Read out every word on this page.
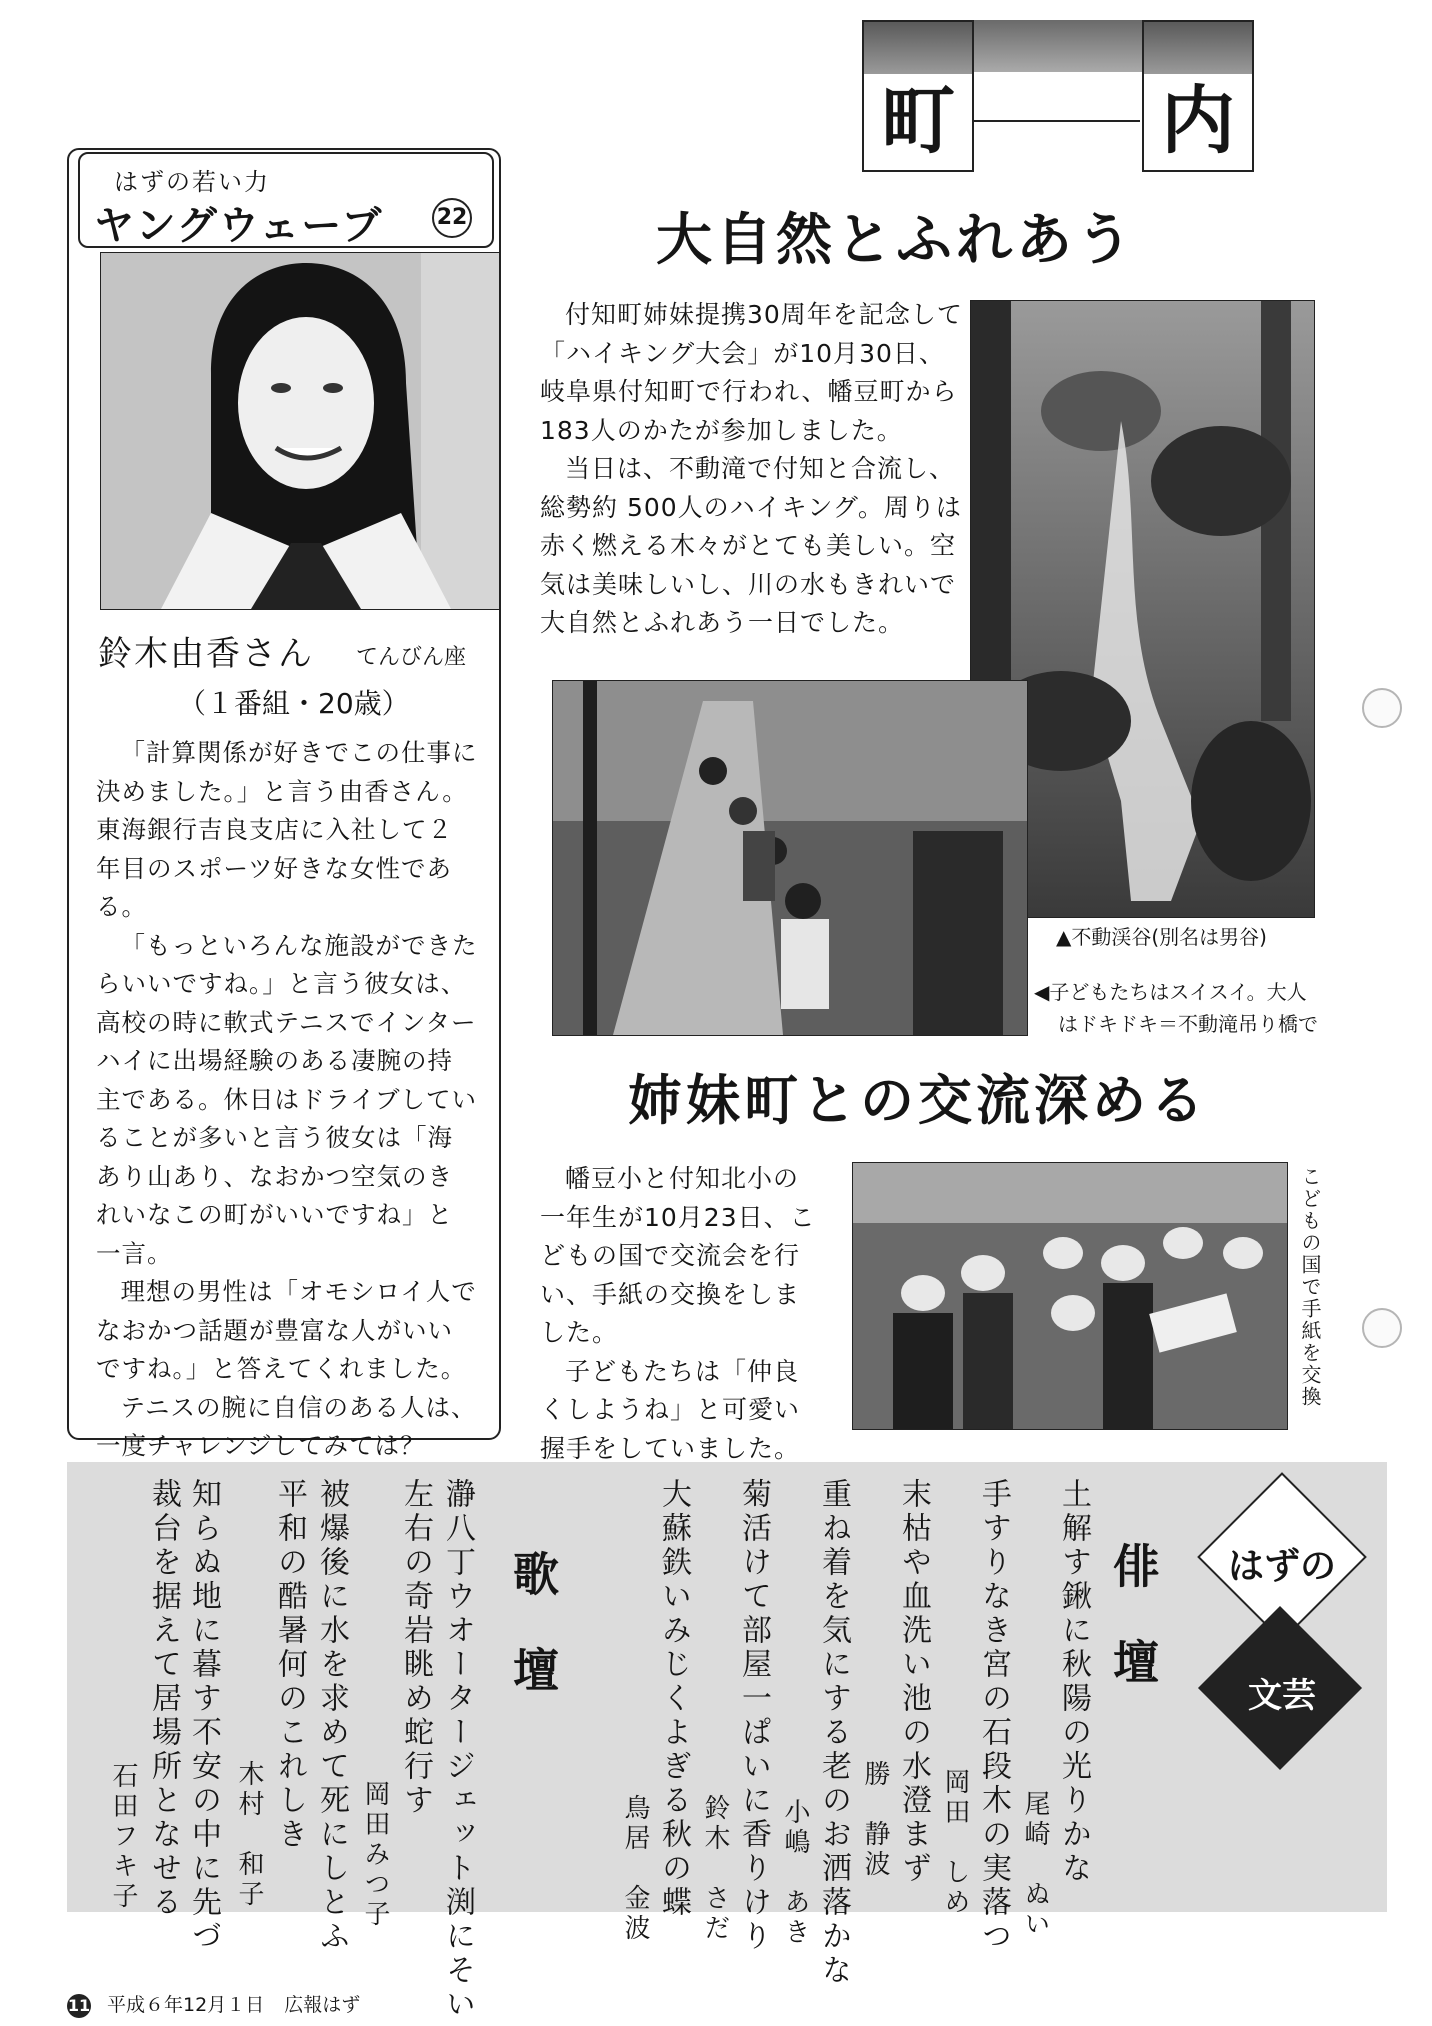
町	内
大自然とふれあう

付知町姉妹提携30周年を記念して「ハイキング大会」が10月30日、岐阜県付知町で行われ、幡豆町から 183人のかたが参加しました。

当日は、不動滝で付知と合流し、総勢約 500人のハイキング。周りは赤く燃える木々がとても美しい。空気は美味しいし、川の水もきれいで大自然とふれあう一日でした。

▲不動渓谷(別名は男谷)
◀子どもたちはスイスイ。大人
はドキドキ＝不動滝吊り橋で
姉妹町との交流深める

幡豆小と付知北小の一年生が10月23日、こどもの国で交流会を行い、手紙の交換をしました。

子どもたちは「仲良くしようね」と可愛い握手をしていました。

こどもの国で手紙を交換
はずの若い力
ヤングウェーブ 22
鈴木由香さん てんびん座
（１番組・20歳）

「計算関係が好きでこの仕事に決めました。」と言う由香さん。東海銀行吉良支店に入社して２年目のスポーツ好きな女性である。

「もっといろんな施設ができたらいいですね。」と言う彼女は、高校の時に軟式テニスでインターハイに出場経験のある凄腕の持主である。休日はドライブしていることが多いと言う彼女は「海あり山あり、なおかつ空気のきれいなこの町がいいですね」と一言。

理想の男性は「オモシロイ人でなおかつ話題が豊富な人がいいですね。」と答えてくれました。

テニスの腕に自信のある人は、一度チャレンジしてみては？

はずの
文芸
俳壇
土解す鍬に秋陽の光りかな
尾崎　ぬい
手すりなき宮の石段木の実落つ
岡田　しめ
末枯や血洗い池の水澄まず
勝　静波
重ね着を気にする老のお洒落かな
小嶋　あき
菊活けて部屋一ぱいに香りけり
鈴木　さだ
大蘇鉄いみじくよぎる秋の蝶
鳥居　金波
歌壇
瀞八丁ウオータージェット渕にそい
左右の奇岩眺め蛇行す
岡田みつ子
被爆後に水を求めて死にしとふ
平和の酷暑何のこれしき
木村　和子
知らぬ地に暮す不安の中に先づ
裁台を据えて居場所となせる
石田フキ子
11 平成６年12月１日 広報はず
